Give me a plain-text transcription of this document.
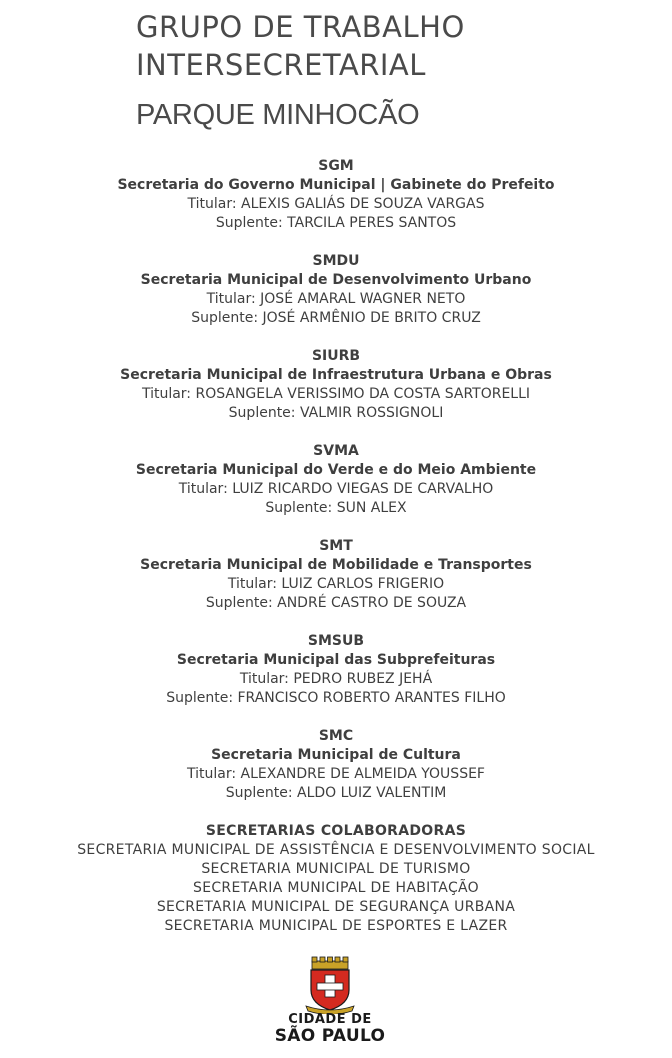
GRUPO DE TRABALHO
INTERSECRETARIAL
PARQUE MINHOCÃO
SGM
Secretaria do Governo Municipal | Gabinete do Prefeito
Titular: ALEXIS GALIÁS DE SOUZA VARGAS
Suplente: TARCILA PERES SANTOS
SMDU
Secretaria Municipal de Desenvolvimento Urbano
Titular: JOSÉ AMARAL WAGNER NETO
Suplente: JOSÉ ARMÊNIO DE BRITO CRUZ
SIURB
Secretaria Municipal de Infraestrutura Urbana e Obras
Titular: ROSANGELA VERISSIMO DA COSTA SARTORELLI
Suplente: VALMIR ROSSIGNOLI
SVMA
Secretaria Municipal do Verde e do Meio Ambiente
Titular: LUIZ RICARDO VIEGAS DE CARVALHO
Suplente: SUN ALEX
SMT
Secretaria Municipal de Mobilidade e Transportes
Titular: LUIZ CARLOS FRIGERIO
Suplente: ANDRÉ CASTRO DE SOUZA
SMSUB
Secretaria Municipal das Subprefeituras
Titular: PEDRO RUBEZ JEHÁ
Suplente: FRANCISCO ROBERTO ARANTES FILHO
SMC
Secretaria Municipal de Cultura
Titular: ALEXANDRE DE ALMEIDA YOUSSEF
Suplente: ALDO LUIZ VALENTIM
SECRETARIAS COLABORADORAS
SECRETARIA MUNICIPAL DE ASSISTÊNCIA E DESENVOLVIMENTO SOCIAL
SECRETARIA MUNICIPAL DE TURISMO
SECRETARIA MUNICIPAL DE HABITAÇÃO
SECRETARIA MUNICIPAL DE SEGURANÇA URBANA
SECRETARIA MUNICIPAL DE ESPORTES E LAZER
CIDADE DE
SÃO PAULO
